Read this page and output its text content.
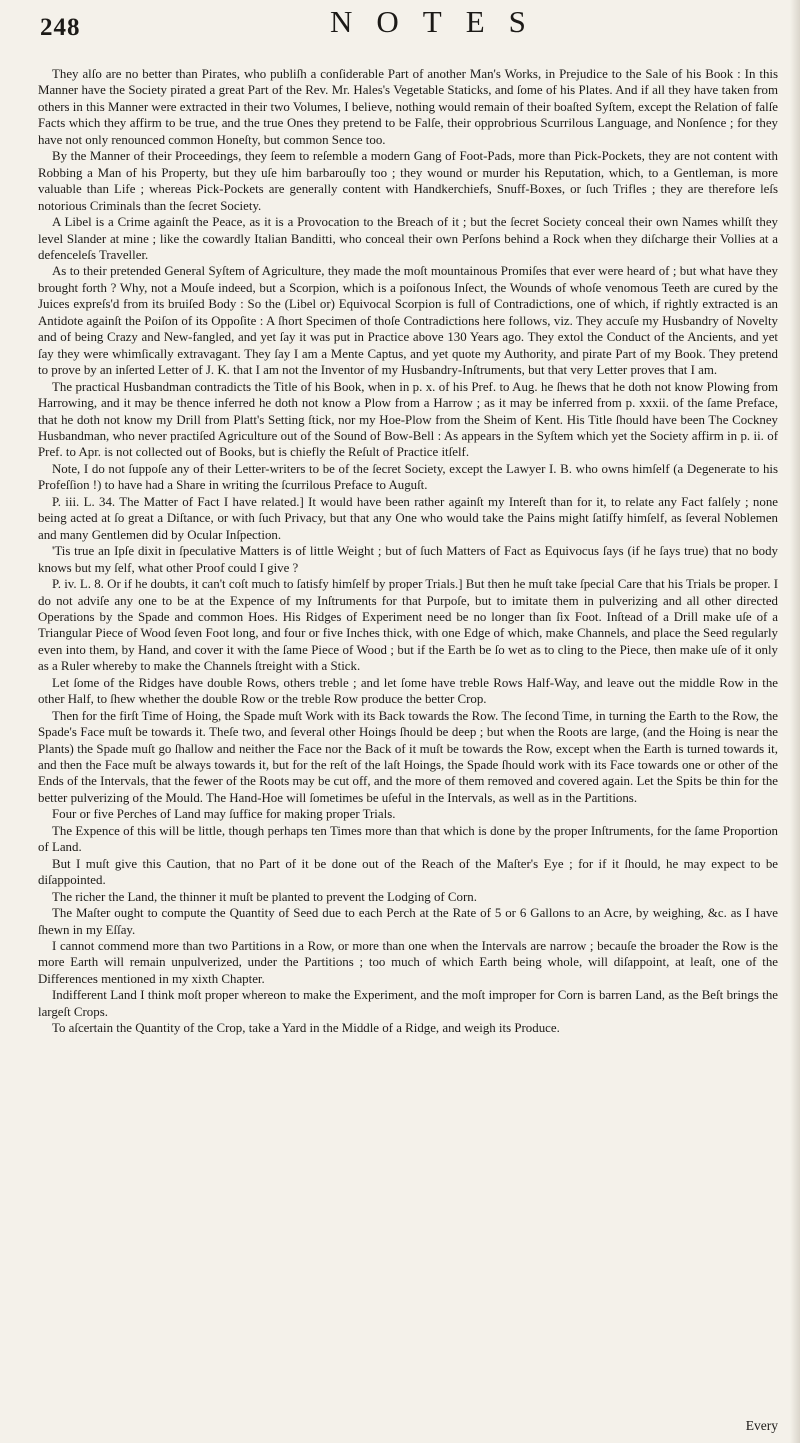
248	NOTES

They alſo are no better than Pirates, who publiſh a conſiderable Part of another Man's Works, in Prejudice to the Sale of his Book : In this Manner have the Society pirated a great Part of the Rev. Mr. Hales's Vegetable Staticks, and ſome of his Plates. And if all they have taken from others in this Manner were extracted in their two Volumes, I believe, nothing would remain of their boaſted Syſtem, except the Relation of falſe Facts which they affirm to be true, and the true Ones they pretend to be Falſe, their opprobrious Scurrilous Language, and Nonſence ; for they have not only renounced common Honeſty, but common Sence too.

By the Manner of their Proceedings, they ſeem to reſemble a modern Gang of Foot-Pads, more than Pick-Pockets, they are not content with Robbing a Man of his Property, but they uſe him barbarouſly too ; they wound or murder his Reputation, which, to a Gentleman, is more valuable than Life ; whereas Pick-Pockets are generally content with Handkerchiefs, Snuff-Boxes, or ſuch Trifles ; they are therefore leſs notorious Criminals than the ſecret Society.

A Libel is a Crime againſt the Peace, as it is a Provocation to the Breach of it ; but the ſecret Society conceal their own Names whilſt they level Slander at mine ; like the cowardly Italian Banditti, who conceal their own Perſons behind a Rock when they diſcharge their Vollies at a defenceleſs Traveller.

As to their pretended General Syſtem of Agriculture, they made the moſt mountainous Promiſes that ever were heard of ; but what have they brought forth ? Why, not a Mouſe indeed, but a Scorpion, which is a poiſonous Inſect, the Wounds of whoſe venomous Teeth are cured by the Juices expreſs'd from its bruiſed Body : So the (Libel or) Equivocal Scorpion is full of Contradictions, one of which, if rightly extracted is an Antidote againſt the Poiſon of its Oppoſite : A ſhort Specimen of thoſe Contradictions here follows, viz. They accuſe my Husbandry of Novelty and of being Crazy and New-fangled, and yet ſay it was put in Practice above 130 Years ago. They extol the Conduct of the Ancients, and yet ſay they were whimſically extravagant. They ſay I am a Mente Captus, and yet quote my Authority, and pirate Part of my Book. They pretend to prove by an inſerted Letter of J. K. that I am not the Inventor of my Husbandry-Inſtruments, but that very Letter proves that I am.

The practical Husbandman contradicts the Title of his Book, when in p. x. of his Pref. to Aug. he ſhews that he doth not know Plowing from Harrowing, and it may be thence inferred he doth not know a Plow from a Harrow ; as it may be inferred from p. xxxii. of the ſame Preface, that he doth not know my Drill from Platt's Setting ſtick, nor my Hoe-Plow from the Sheim of Kent. His Title ſhould have been The Cockney Husbandman, who never practiſed Agriculture out of the Sound of Bow-Bell : As appears in the Syſtem which yet the Society affirm in p. ii. of Pref. to Apr. is not collected out of Books, but is chiefly the Reſult of Practice itſelf.

Note, I do not ſuppoſe any of their Letter-writers to be of the ſecret Society, except the Lawyer I. B. who owns himſelf (a Degenerate to his Profeſſion !) to have had a Share in writing the ſcurrilous Preface to Auguſt.

P. iii. L. 34. The Matter of Fact I have related.] It would have been rather againſt my Intereſt than for it, to relate any Fact falſely ; none being acted at ſo great a Diſtance, or with ſuch Privacy, but that any One who would take the Pains might ſatiſfy himſelf, as ſeveral Noblemen and many Gentlemen did by Ocular Inſpection.

'Tis true an Ipſe dixit in ſpeculative Matters is of little Weight ; but of ſuch Matters of Fact as Equivocus ſays (if he ſays true) that no body knows but my ſelf, what other Proof could I give ?

P. iv. L. 8. Or if he doubts, it can't coſt much to ſatisfy himſelf by proper Trials.] But then he muſt take ſpecial Care that his Trials be proper. I do not adviſe any one to be at the Expence of my Inſtruments for that Purpoſe, but to imitate them in pulverizing and all other directed Operations by the Spade and common Hoes. His Ridges of Experiment need be no longer than ſix Foot. Inſtead of a Drill make uſe of a Triangular Piece of Wood ſeven Foot long, and four or five Inches thick, with one Edge of which, make Channels, and place the Seed regularly even into them, by Hand, and cover it with the ſame Piece of Wood ; but if the Earth be ſo wet as to cling to the Piece, then make uſe of it only as a Ruler whereby to make the Channels ſtreight with a Stick.

Let ſome of the Ridges have double Rows, others treble ; and let ſome have treble Rows Half-Way, and leave out the middle Row in the other Half, to ſhew whether the double Row or the treble Row produce the better Crop.

Then for the firſt Time of Hoing, the Spade muſt Work with its Back towards the Row. The ſecond Time, in turning the Earth to the Row, the Spade's Face muſt be towards it. Theſe two, and ſeveral other Hoings ſhould be deep ; but when the Roots are large, (and the Hoing is near the Plants) the Spade muſt go ſhallow and neither the Face nor the Back of it muſt be towards the Row, except when the Earth is turned towards it, and then the Face muſt be always towards it, but for the reſt of the laſt Hoings, the Spade ſhould work with its Face towards one or other of the Ends of the Intervals, that the fewer of the Roots may be cut off, and the more of them removed and covered again. Let the Spits be thin for the better pulverizing of the Mould. The Hand-Hoe will ſometimes be uſeful in the Intervals, as well as in the Partitions.

Four or five Perches of Land may ſuffice for making proper Trials.

The Expence of this will be little, though perhaps ten Times more than that which is done by the proper Inſtruments, for the ſame Proportion of Land.

But I muſt give this Caution, that no Part of it be done out of the Reach of the Maſter's Eye ; for if it ſhould, he may expect to be diſappointed.

The richer the Land, the thinner it muſt be planted to prevent the Lodging of Corn.

The Maſter ought to compute the Quantity of Seed due to each Perch at the Rate of 5 or 6 Gallons to an Acre, by weighing, &c. as I have ſhewn in my Eſſay.

I cannot commend more than two Partitions in a Row, or more than one when the Intervals are narrow ; becauſe the broader the Row is the more Earth will remain unpulverized, under the Partitions ; too much of which Earth being whole, will diſappoint, at leaſt, one of the Differences mentioned in my xixth Chapter.

Indifferent Land I think moſt proper whereon to make the Experiment, and the moſt improper for Corn is barren Land, as the Beſt brings the largeſt Crops.

To aſcertain the Quantity of the Crop, take a Yard in the Middle of a Ridge, and weigh its Produce.

Every
